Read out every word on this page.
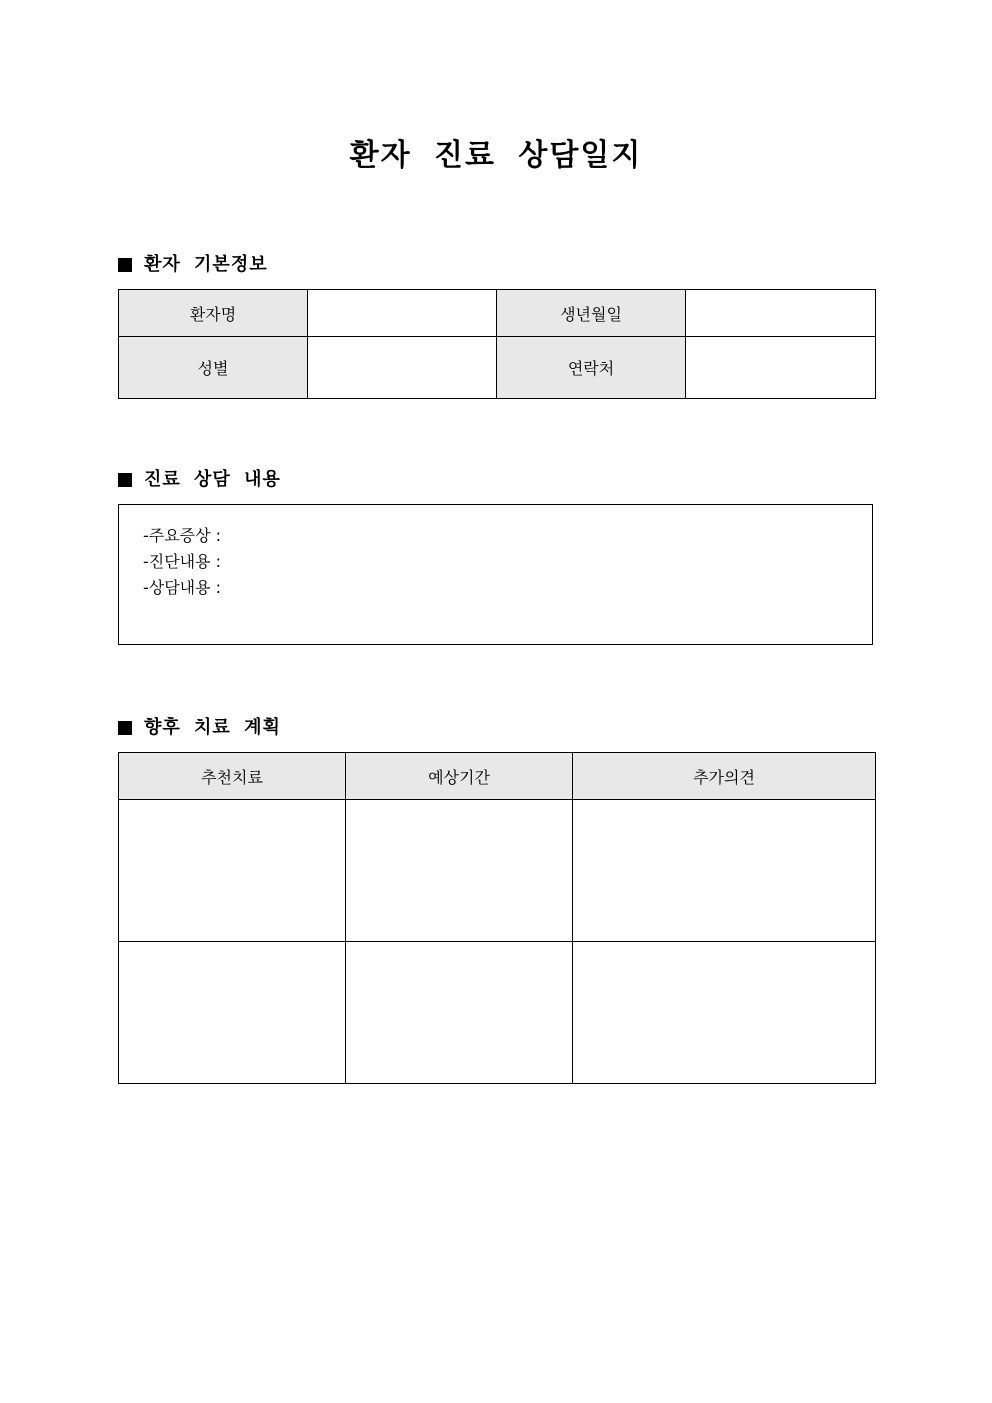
환자 진료 상담일지
환자 기본정보
환자명		생년월일	
성별		연락처	
진료 상담 내용
-주요증상 :
-진단내용 :
-상담내용 :
향후 치료 계획
추천치료	예상기간	추가의견
